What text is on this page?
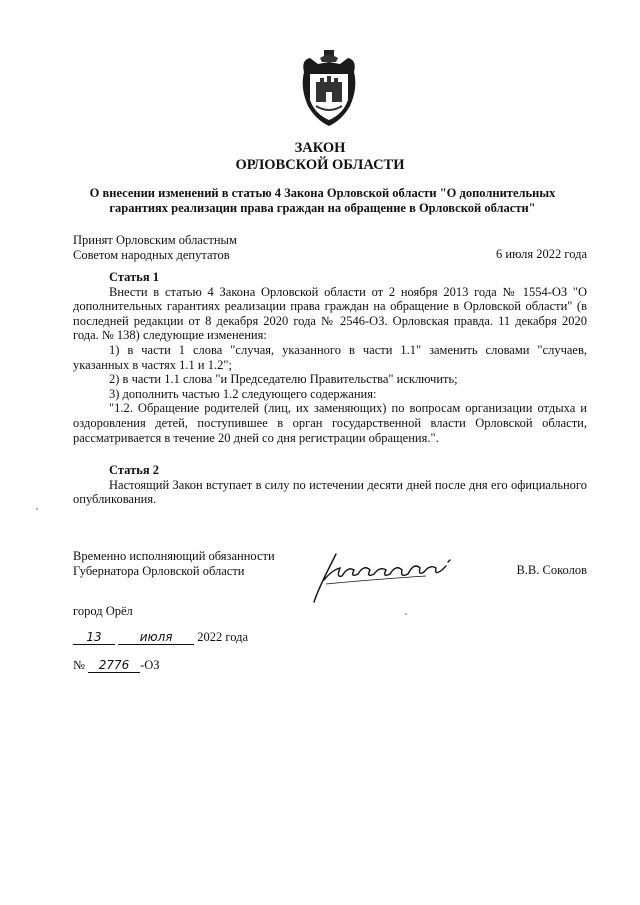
ЗАКОН
ОРЛОВСКОЙ ОБЛАСТИ
О внесении изменений в статью 4 Закона Орловской области "О дополнительных гарантиях реализации права граждан на обращение в Орловской области"
Принят Орловским областным
Советом народных депутатов	6 июля 2022 года

Статья 1

Внести в статью 4 Закона Орловской области от 2 ноября 2013 года № 1554-ОЗ "О дополнительных гарантиях реализации права граждан на обращение в Орловской области" (в последней редакции от 8 декабря 2020 года № 2546-ОЗ. Орловская правда. 11 декабря 2020 года. № 138) следующие изменения:

1) в части 1 слова "случая, указанного в части 1.1" заменить словами "случаев, указанных в частях 1.1 и 1.2";

2) в части 1.1 слова "и Председателю Правительства" исключить;

3) дополнить частью 1.2 следующего содержания:

"1.2. Обращение родителей (лиц, их заменяющих) по вопросам организации отдыха и оздоровления детей, поступившее в орган государственной власти Орловской области, рассматривается в течение 20 дней со дня регистрации обращения.".

Статья 2

Настоящий Закон вступает в силу по истечении десяти дней после дня его официального опубликования.

Временно исполняющий обязанности
Губернатора Орловской области	В.В. Соколов
город Орёл
13	июля 2022 года
№ 2776 -ОЗ
